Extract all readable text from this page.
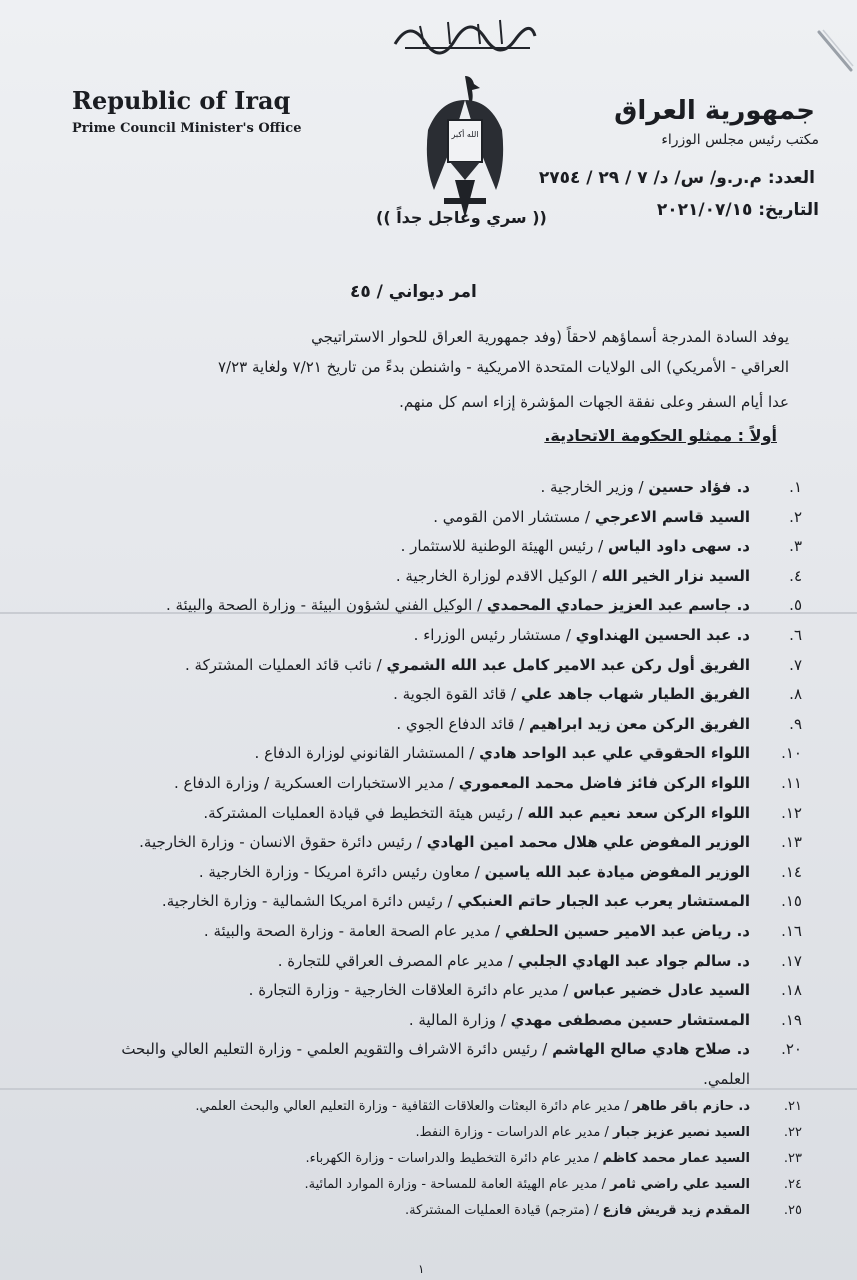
الله أكبر
Republic of Iraq
Prime Council Minister's Office
جمهورية العراق
مكتب رئيس مجلس الوزراء
العدد: م.ر.و/ س/ د/ ٧ / ٢٩ / ٢٧٥٤
التاريخ: ٢٠٢١/٠٧/١٥
(( سري وعاجل جداً ))
امر ديواني / ٤٥
يوفد السادة المدرجة أسماؤهم لاحقاً (وفد جمهورية العراق للحوار الاستراتيجي
العراقي - الأمريكي) الى الولايات المتحدة الامريكية - واشنطن بدءً من تاريخ ٧/٢١ ولغاية ٧/٢٣
عدا أيام السفر وعلى نفقة الجهات المؤشرة إزاء اسم كل منهم.
أولاً : ممثلو الحكومة الاتحادية.
١.
د. فؤاد حسين / وزير الخارجية .
٢.
السيد قاسم الاعرجي / مستشار الامن القومي .
٣.
د. سهى داود الياس / رئيس الهيئة الوطنية للاستثمار .
٤.
السيد نزار الخير الله / الوكيل الاقدم لوزارة الخارجية .
٥.
د. جاسم عبد العزيز حمادي المحمدي / الوكيل الفني لشؤون البيئة - وزارة الصحة والبيئة .
٦.
د. عبد الحسين الهنداوي / مستشار رئيس الوزراء .
٧.
الفريق أول ركن عبد الامير كامل عبد الله الشمري / نائب قائد العمليات المشتركة .
٨.
الفريق الطيار شهاب جاهد علي / قائد القوة الجوية .
٩.
الفريق الركن معن زيد ابراهيم / قائد الدفاع الجوي .
١٠.
اللواء الحقوقي علي عبد الواحد هادي / المستشار القانوني لوزارة الدفاع .
١١.
اللواء الركن فائز فاضل محمد المعموري / مدير الاستخبارات العسكرية / وزارة الدفاع .
١٢.
اللواء الركن سعد نعيم عبد الله / رئيس هيئة التخطيط في قيادة العمليات المشتركة.
١٣.
الوزير المفوض علي هلال محمد امين الهادي / رئيس دائرة حقوق الانسان - وزارة الخارجية.
١٤.
الوزير المفوض ميادة عبد الله ياسين / معاون رئيس دائرة امريكا - وزارة الخارجية .
١٥.
المستشار يعرب عبد الجبار حاتم العنبكي / رئيس دائرة امريكا الشمالية - وزارة الخارجية.
١٦.
د. رياض عبد الامير حسين الحلفي / مدير عام الصحة العامة - وزارة الصحة والبيئة .
١٧.
د. سالم جواد عبد الهادي الجلبي / مدير عام المصرف العراقي للتجارة .
١٨.
السيد عادل خضير عباس / مدير عام دائرة العلاقات الخارجية - وزارة التجارة .
١٩.
المستشار حسين مصطفى مهدي / وزارة المالية .
٢٠.
د. صلاح هادي صالح الهاشم / رئيس دائرة الاشراف والتقويم العلمي - وزارة التعليم العالي والبحث
العلمي.
٢١.
د. حازم باقر طاهر / مدير عام دائرة البعثات والعلاقات الثقافية - وزارة التعليم العالي والبحث العلمي.
٢٢.
السيد نصير عزيز جبار / مدير عام الدراسات - وزارة النفط.
٢٣.
السيد عمار محمد كاظم / مدير عام دائرة التخطيط والدراسات - وزارة الكهرباء.
٢٤.
السيد علي راضي ثامر / مدير عام الهيئة العامة للمساحة - وزارة الموارد المائية.
٢٥.
المقدم زيد قريش فازع / (مترجم) قيادة العمليات المشتركة.
١
